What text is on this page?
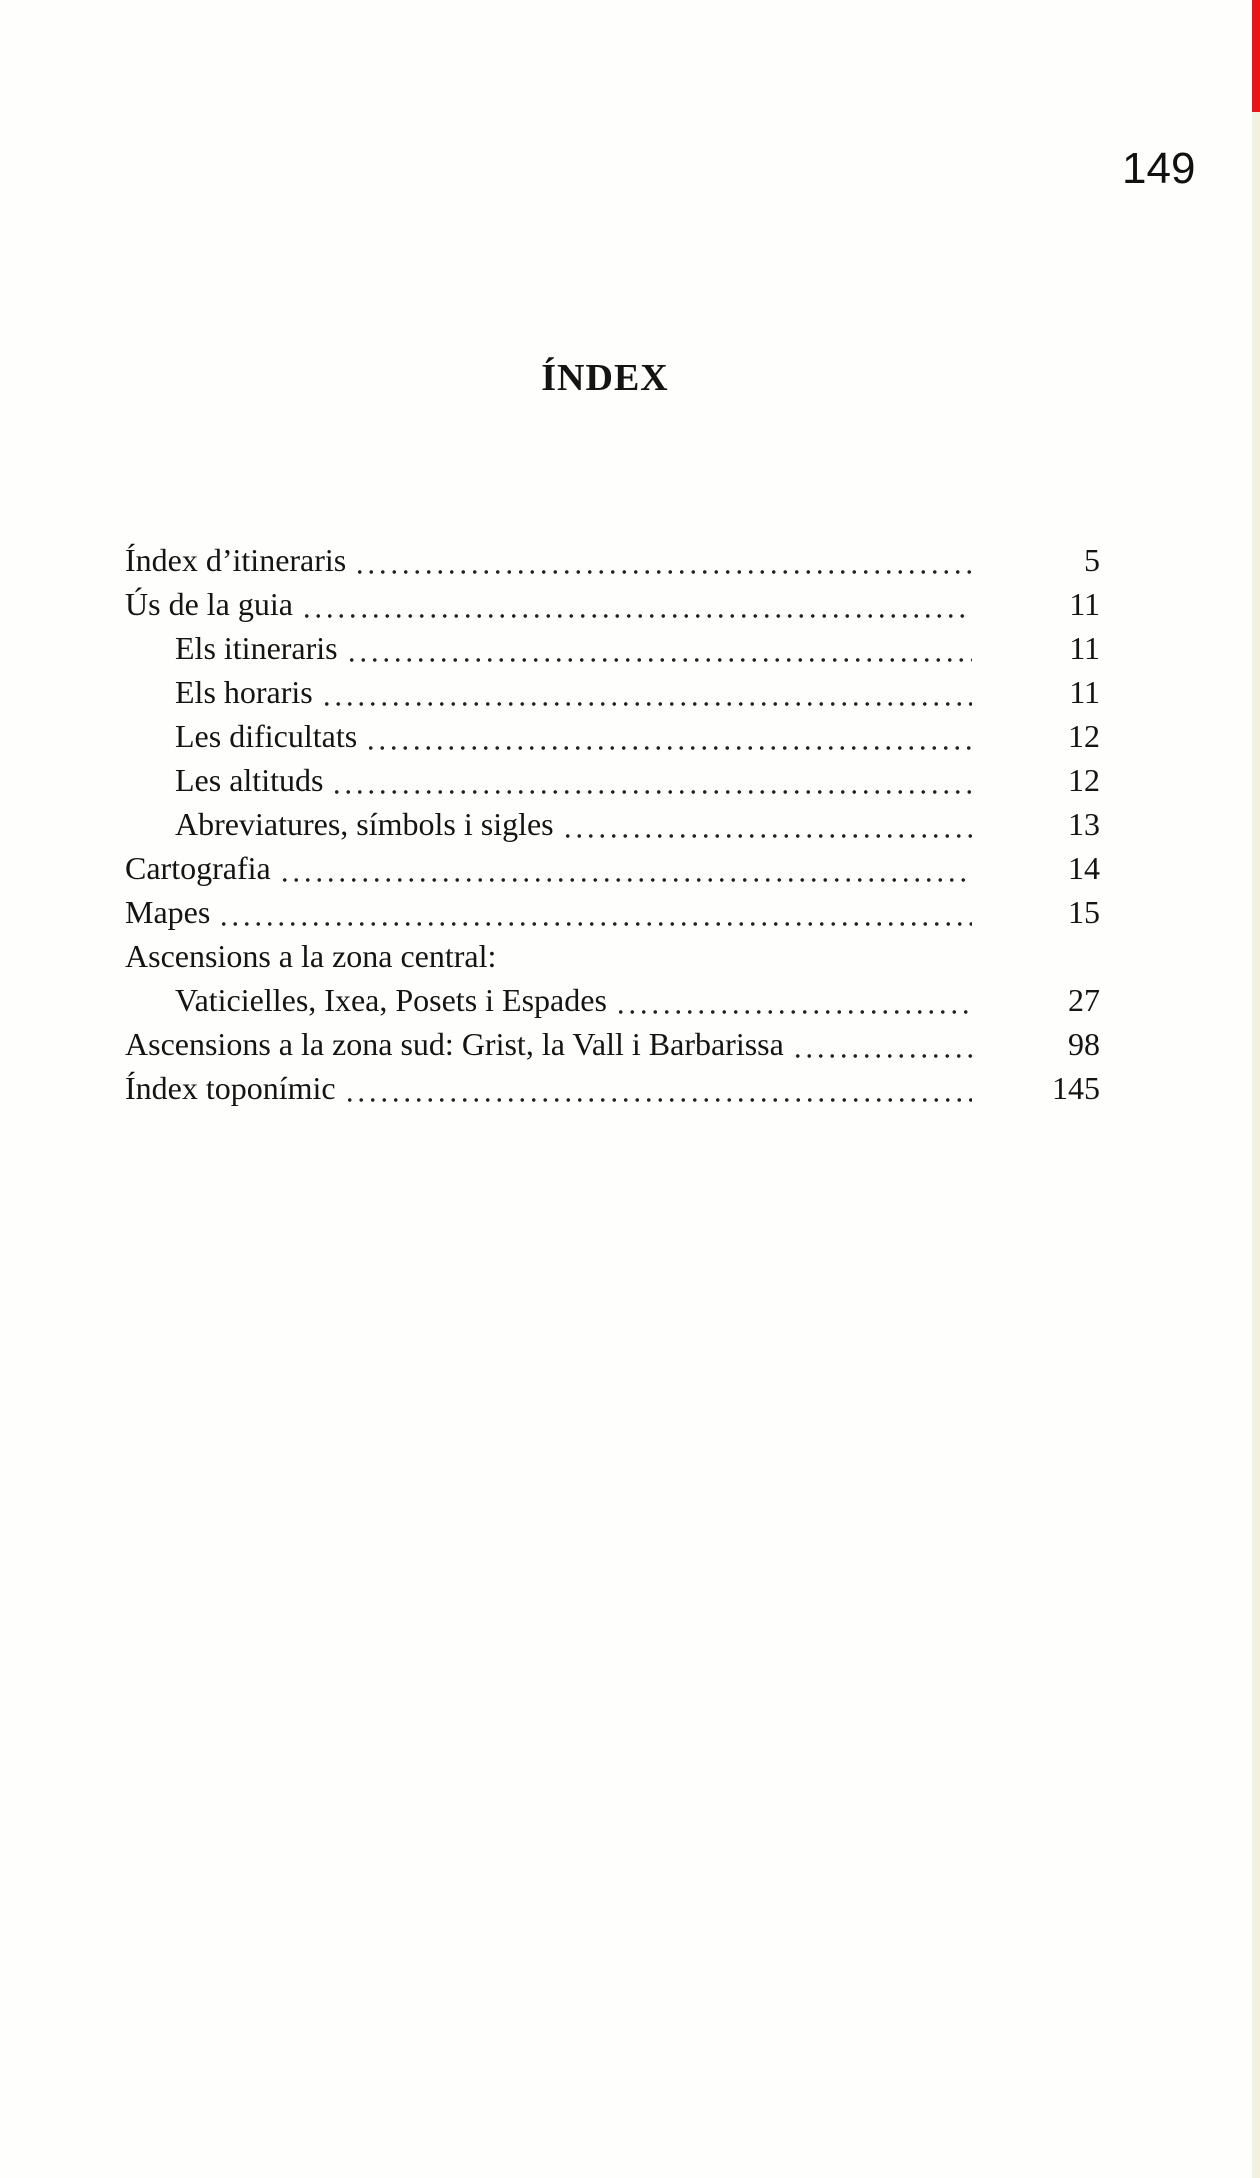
149
ÍNDEX
Índex d’itineraris	5
Ús de la guia	11
Els itineraris	11
Els horaris	11
Les dificultats	12
Les altituds	12
Abreviatures, símbols i sigles	13
Cartografia	14
Mapes	15
Ascensions a la zona central:
Vaticielles, Ixea, Posets i Espades	27
Ascensions a la zona sud: Grist, la Vall i Barbarissa	98
Índex toponímic	145
